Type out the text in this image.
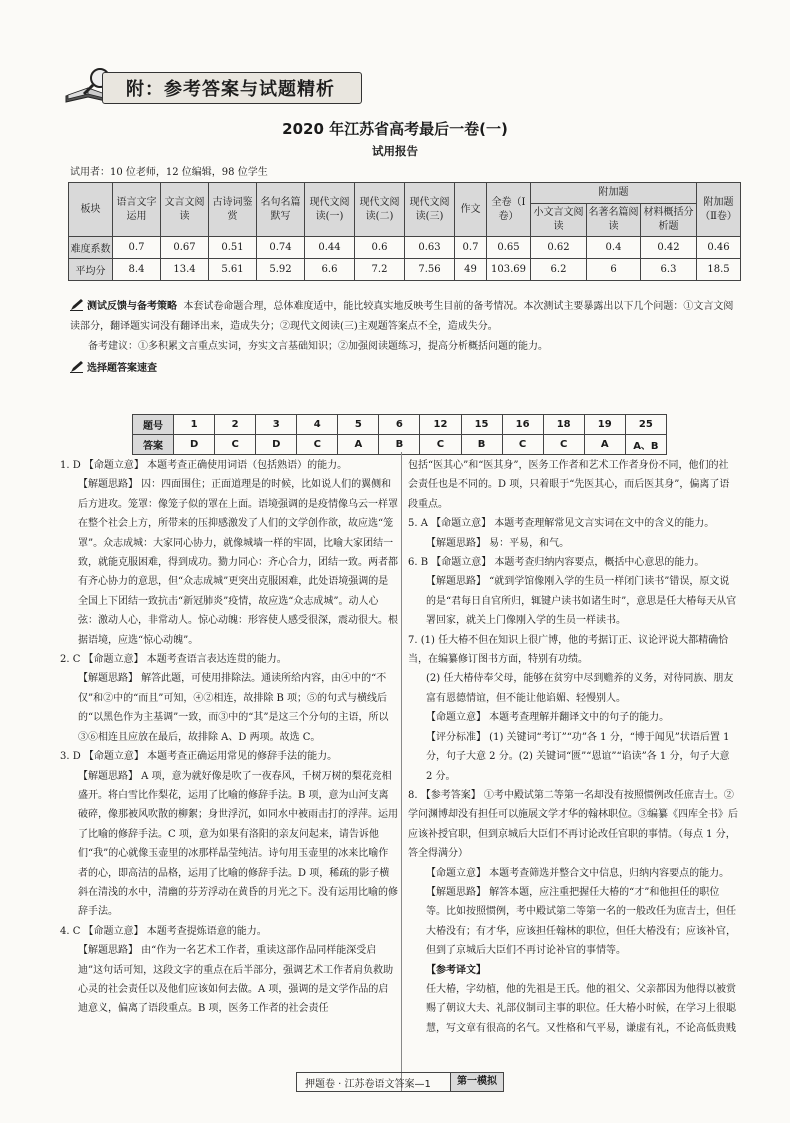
附：参考答案与试题精析
2020 年江苏省高考最后一卷(一)
试用报告
试用者：10 位老师，12 位编辑，98 位学生
板块	语言文字运用	文言文阅读	古诗词鉴赏	名句名篇默写	现代文阅读(一)	现代文阅读(二)	现代文阅读(三)	作文	全卷（Ⅰ卷）	附加题			附加题（Ⅱ卷）
										小文言文阅读	名著名篇阅读	材料概括分析题	
难度系数	0.7	0.67	0.51	0.74	0.44	0.6	0.63	0.7	0.65	0.62	0.4	0.42	0.46
平均分	8.4	13.4	5.61	5.92	6.6	7.2	7.56	49	103.69	6.2	6	6.3	18.5
测试反馈与备考策略 本套试卷命题合理，总体难度适中，能比较真实地反映考生目前的备考情况。本次测试主要暴露出以下几个问题：①文言文阅读部分，翻译题实词没有翻译出来，造成失分；②现代文阅读(三)主观题答案点不全，造成失分。
备考建议：①多积累文言重点实词，夯实文言基础知识；②加强阅读题练习，提高分析概括问题的能力。
选择题答案速查
题号	1	2	3	4	5	6	12	15	16	18	19	25
答案	D	C	D	C	A	B	C	B	C	C	A	A、B

1. D 【命题立意】 本题考查正确使用词语（包括熟语）的能力。

【解题思路】 囚：四面围住；正面道理是的时候，比如说人们的翼侧和后方进攻。笼罩：像笼子似的罩在上面。语境强调的是疫情像乌云一样罩在整个社会上方，所带来的压抑感激发了人们的文学创作欲，故应选“笼罩”。众志成城：大家同心协力，就像城墙一样的牢固，比喻大家团结一致，就能克服困难，得到成功。勠力同心：齐心合力，团结一致。两者都有齐心协力的意思，但“众志成城”更突出克服困难，此处语境强调的是全国上下团结一致抗击“新冠肺炎”疫情，故应选“众志成城”。动人心弦：激动人心，非常动人。惊心动魄：形容使人感受很深，震动很大。根据语境，应选“惊心动魄”。

2. C 【命题立意】 本题考查语言表达连贯的能力。

【解题思路】 解答此题，可使用排除法。通读所给内容，由④中的“不仅”和②中的“而且”可知，④②相连，故排除 B 项；⑤的句式与横线后的“以黑色作为主基调”一致，而③中的“其”是这三个分句的主语，所以③⑥相连且应放在最后，故排除 A、D 两项。故选 C。

3. D 【命题立意】 本题考查正确运用常见的修辞手法的能力。

【解题思路】 A 项，意为就好像是吹了一夜春风，千树万树的梨花竞相盛开。将白雪比作梨花，运用了比喻的修辞手法。B 项，意为山河支离破碎，像那被风吹散的柳絮；身世浮沉，如同水中被雨击打的浮萍。运用了比喻的修辞手法。C 项，意为如果有洛阳的亲友问起来，请告诉他们“我”的心就像玉壶里的冰那样晶莹纯洁。诗句用玉壶里的冰来比喻作者的心，即高洁的品格，运用了比喻的修辞手法。D 项，稀疏的影子横斜在清浅的水中，清幽的芬芳浮动在黄昏的月光之下。没有运用比喻的修辞手法。

4. C 【命题立意】 本题考查提炼语意的能力。

【解题思路】 由“作为一名艺术工作者，重读这部作品同样能深受启迪”这句话可知，这段文字的重点在后半部分，强调艺术工作者肩负救助心灵的社会责任以及他们应该如何去做。A 项，强调的是文学作品的启迪意义，偏离了语段重点。B 项，医务工作者的社会责任

包括“医其心”和“医其身”，医务工作者和艺术工作者身份不同，他们的社会责任也是不同的。D 项，只着眼于“先医其心，而后医其身”，偏离了语段重点。

5. A 【命题立意】 本题考查理解常见文言实词在文中的含义的能力。

【解题思路】 易：平易，和气。

6. B 【命题立意】 本题考查归纳内容要点，概括中心意思的能力。

【解题思路】 “就到学馆像刚入学的生员一样闭门读书”错误，原文说的是“君每日自官所归，辄键户读书如诸生时”，意思是任大椿每天从官署回家，就关上门像刚入学的生员一样读书。

7. (1) 任大椿不但在知识上很广博，他的考据订正、议论评说大都精确恰当，在编纂修订图书方面，特别有功绩。

(2) 任大椿侍奉父母，能够在贫穷中尽到赡养的义务，对待同族、朋友富有恩德情谊，但不能让他谄媚、轻慢别人。

【命题立意】 本题考查理解并翻译文中的句子的能力。

【评分标准】 (1) 关键词“考订”“功”各 1 分，“博于闻见”状语后置 1 分，句子大意 2 分。(2) 关键词“匮”“恩谊”“谄读”各 1 分，句子大意 2 分。

8. 【参考答案】 ①考中殿试第二等第一名却没有按照惯例改任庶吉士。②学问渊博却没有担任可以施展文学才华的翰林职位。③编纂《四库全书》后应该补授官职，但到京城后大臣们不再讨论改任官职的事情。（每点 1 分，答全得满分）

【命题立意】 本题考查筛选并整合文中信息，归纳内容要点的能力。

【解题思路】 解答本题，应注重把握任大椿的“才”和他担任的职位等。比如按照惯例，考中殿试第二等第一名的一般改任为庶吉士，但任大椿没有；有才华，应该担任翰林的职位，但任大椿没有；应该补官，但到了京城后大臣们不再讨论补官的事情等。

【参考译文】

任大椿，字幼植，他的先祖是王氏。他的祖父、父亲都因为他得以被赏赐了朝议大夫、礼部仪制司主事的职位。任大椿小时候，在学习上很聪慧，写文章有很高的名气。又性格和气平易，谦虚有礼，不论高低贵贱

押题卷 · 江苏卷语文答案—1	第一模拟
